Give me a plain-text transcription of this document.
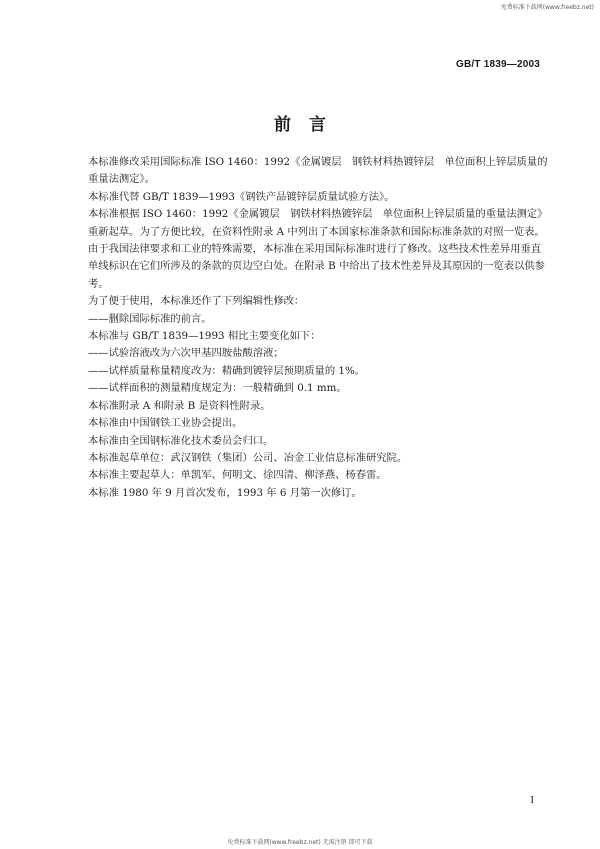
免费标准下载网(www.freebz.net)
GB/T 1839—2003
前言

本标准修改采用国际标准 ISO 1460：1992《金属镀层　钢铁材料热镀锌层　单位面积上锌层质量的重量法测定》。

本标准代替 GB/T 1839—1993《钢铁产品镀锌层质量试验方法》。

本标准根据 ISO 1460：1992《金属镀层　钢铁材料热镀锌层　单位面积上锌层质量的重量法测定》重新起草。为了方便比较，在资料性附录 A 中列出了本国家标准条款和国际标准条款的对照一览表。

由于我国法律要求和工业的特殊需要，本标准在采用国际标准时进行了修改。这些技术性差异用垂直单线标识在它们所涉及的条款的页边空白处。在附录 B 中给出了技术性差异及其原因的一览表以供参考。

为了便于使用，本标准还作了下列编辑性修改：

——删除国际标准的前言。

本标准与 GB/T 1839—1993 相比主要变化如下：

——试验溶液改为六次甲基四胺盐酸溶液；

——试样质量称量精度改为：精确到镀锌层预期质量的 1%。

——试样面积的测量精度规定为：一般精确到 0.1 mm。

本标准附录 A 和附录 B 是资料性附录。

本标准由中国钢铁工业协会提出。

本标准由全国钢标准化技术委员会归口。

本标准起草单位：武汉钢铁（集团）公司、冶金工业信息标准研究院。

本标准主要起草人：单凯军、何明文、徐四清、柳泽燕、杨春雷。

本标准 1980 年 9 月首次发布，1993 年 6 月第一次修订。

I
免费标准下载网(www.freebz.net) 无需注册 即可下载
